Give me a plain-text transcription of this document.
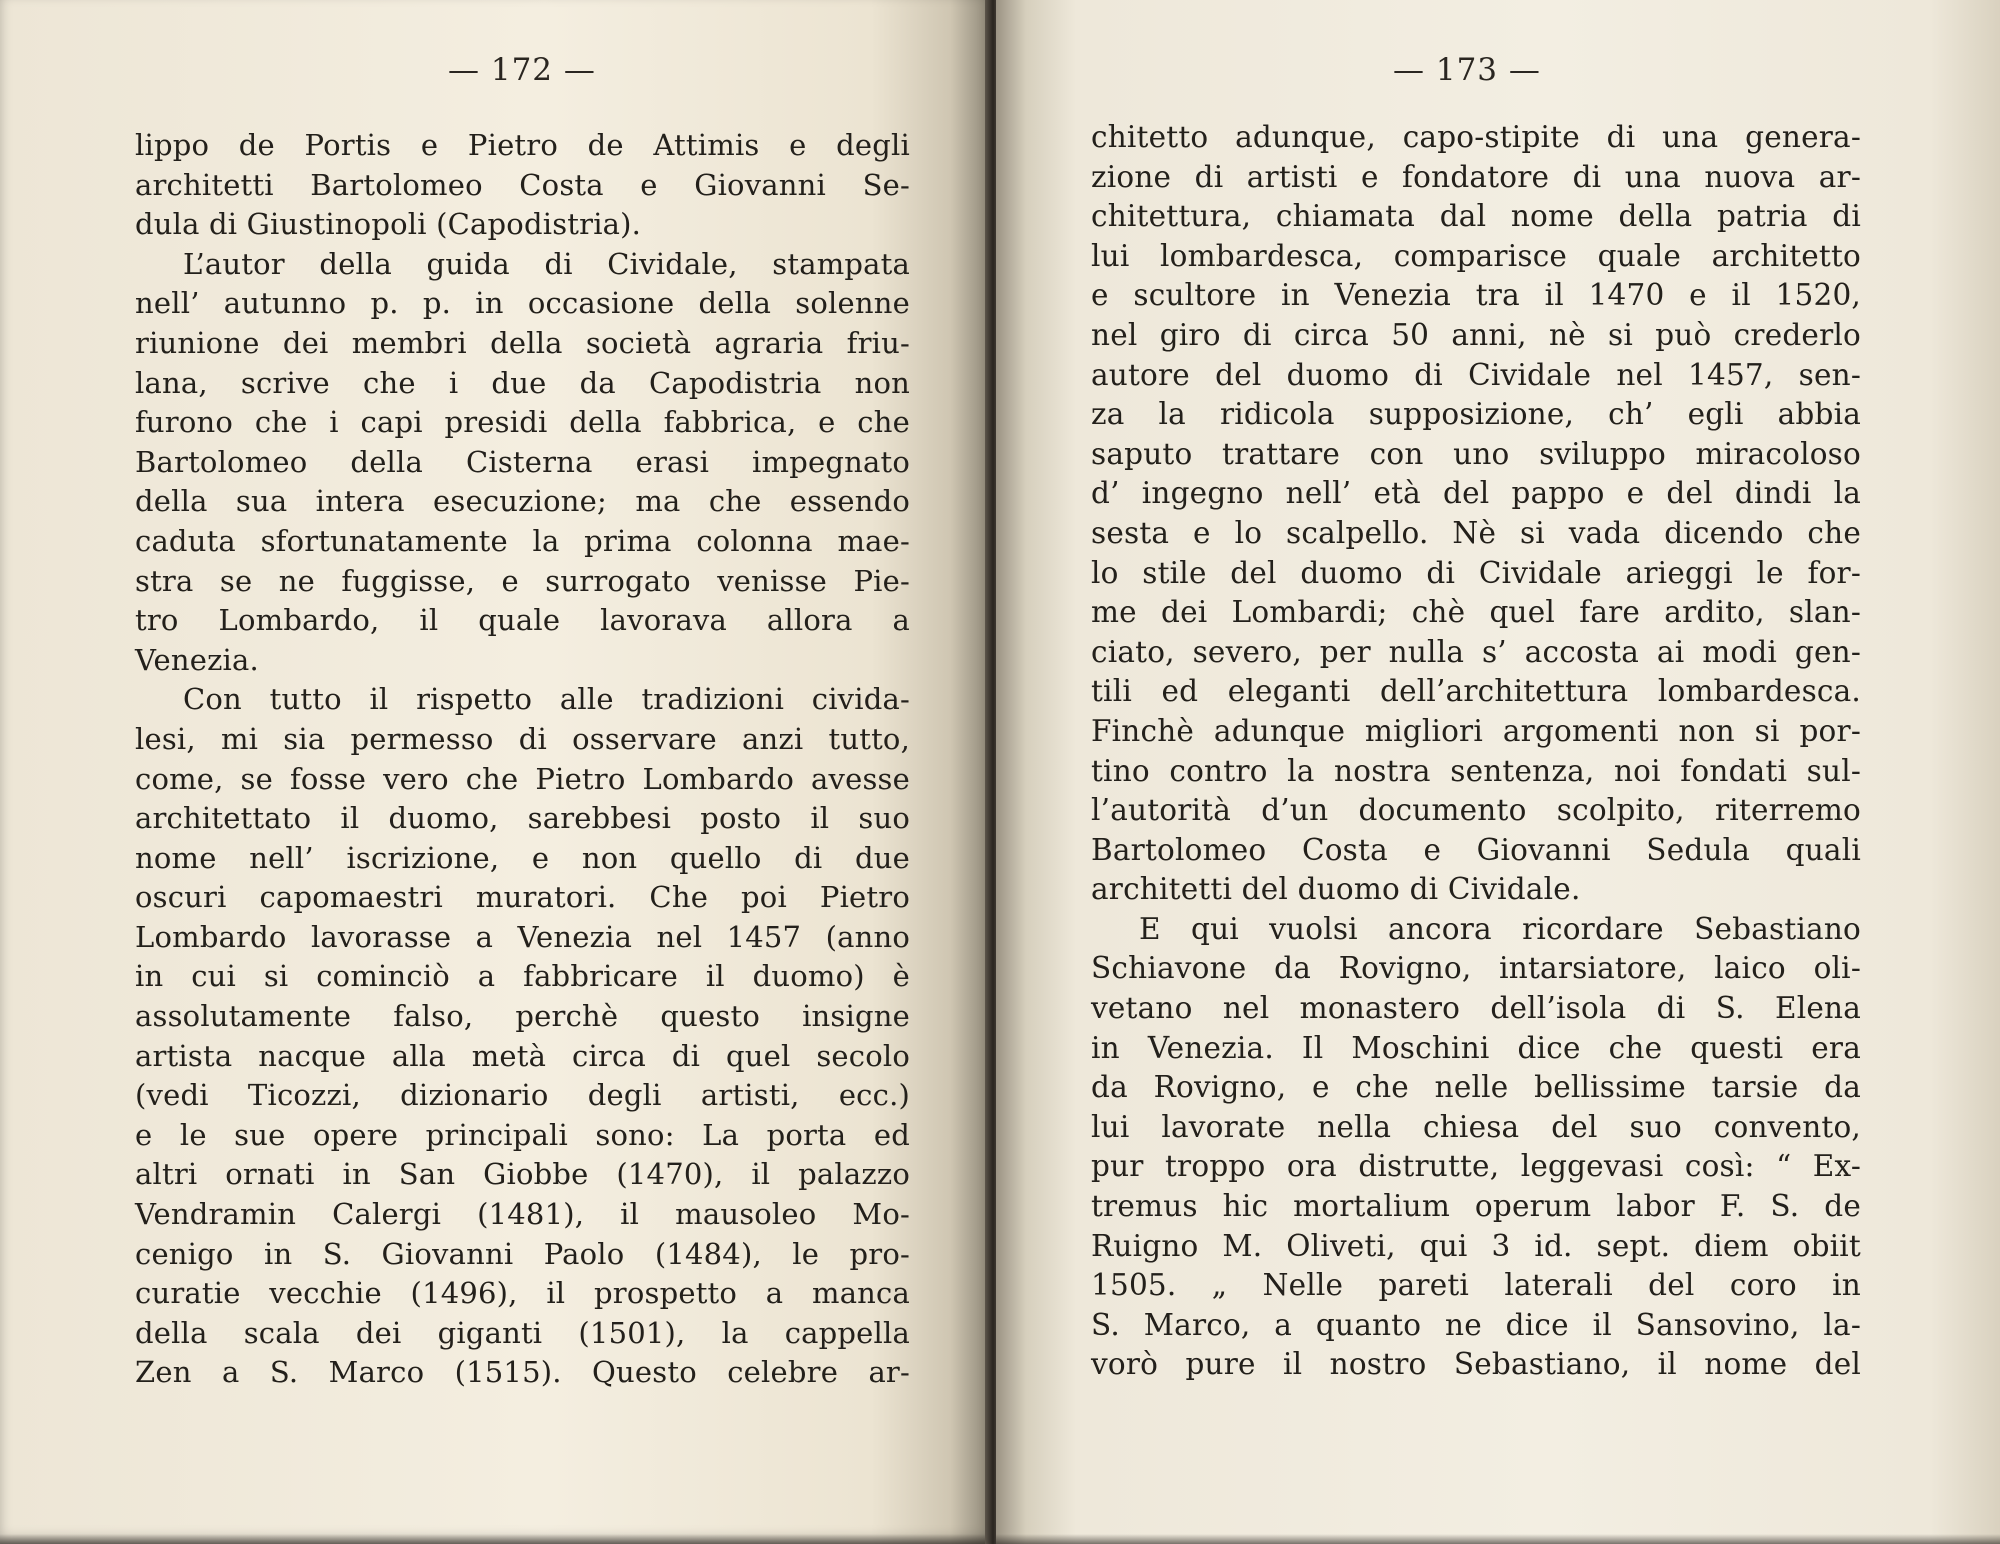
— 172 —
lippo de Portis e Pietro de Attimis e degli
architetti Bartolomeo Costa e Giovanni Se-
dula di Giustinopoli (Capodistria).
L’autor della guida di Cividale, stampata
nell’ autunno p. p. in occasione della solenne
riunione dei membri della società agraria friu-
lana, scrive che i due da Capodistria non
furono che i capi presidi della fabbrica, e che
Bartolomeo della Cisterna erasi impegnato
della sua intera esecuzione; ma che essendo
caduta sfortunatamente la prima colonna mae-
stra se ne fuggisse, e surrogato venisse Pie-
tro Lombardo, il quale lavorava allora a
Venezia.
Con tutto il rispetto alle tradizioni civida-
lesi, mi sia permesso di osservare anzi tutto,
come, se fosse vero che Pietro Lombardo avesse
architettato il duomo, sarebbesi posto il suo
nome nell’ iscrizione, e non quello di due
oscuri capomaestri muratori. Che poi Pietro
Lombardo lavorasse a Venezia nel 1457 (anno
in cui si cominciò a fabbricare il duomo) è
assolutamente falso, perchè questo insigne
artista nacque alla metà circa di quel secolo
(vedi Ticozzi, dizionario degli artisti, ecc.)
e le sue opere principali sono: La porta ed
altri ornati in San Giobbe (1470), il palazzo
Vendramin Calergi (1481), il mausoleo Mo-
cenigo in S. Giovanni Paolo (1484), le pro-
curatie vecchie (1496), il prospetto a manca
della scala dei giganti (1501), la cappella
Zen a S. Marco (1515). Questo celebre ar-
— 173 —
chitetto adunque, capo-stipite di una genera-
zione di artisti e fondatore di una nuova ar-
chitettura, chiamata dal nome della patria di
lui lombardesca, comparisce quale architetto
e scultore in Venezia tra il 1470 e il 1520,
nel giro di circa 50 anni, nè si può crederlo
autore del duomo di Cividale nel 1457, sen-
za la ridicola supposizione, ch’ egli abbia
saputo trattare con uno sviluppo miracoloso
d’ ingegno nell’ età del pappo e del dindi la
sesta e lo scalpello. Nè si vada dicendo che
lo stile del duomo di Cividale arieggi le for-
me dei Lombardi; chè quel fare ardito, slan-
ciato, severo, per nulla s’ accosta ai modi gen-
tili ed eleganti dell’architettura lombardesca.
Finchè adunque migliori argomenti non si por-
tino contro la nostra sentenza, noi fondati sul-
l’autorità d’un documento scolpito, riterremo
Bartolomeo Costa e Giovanni Sedula quali
architetti del duomo di Cividale.
E qui vuolsi ancora ricordare Sebastiano
Schiavone da Rovigno, intarsiatore, laico oli-
vetano nel monastero dell’isola di S. Elena
in Venezia. Il Moschini dice che questi era
da Rovigno, e che nelle bellissime tarsie da
lui lavorate nella chiesa del suo convento,
pur troppo ora distrutte, leggevasi così: “ Ex-
tremus hic mortalium operum labor F. S. de
Ruigno M. Oliveti, qui 3 id. sept. diem obiit
1505. „ Nelle pareti laterali del coro in
S. Marco, a quanto ne dice il Sansovino, la-
vorò pure il nostro Sebastiano, il nome del
